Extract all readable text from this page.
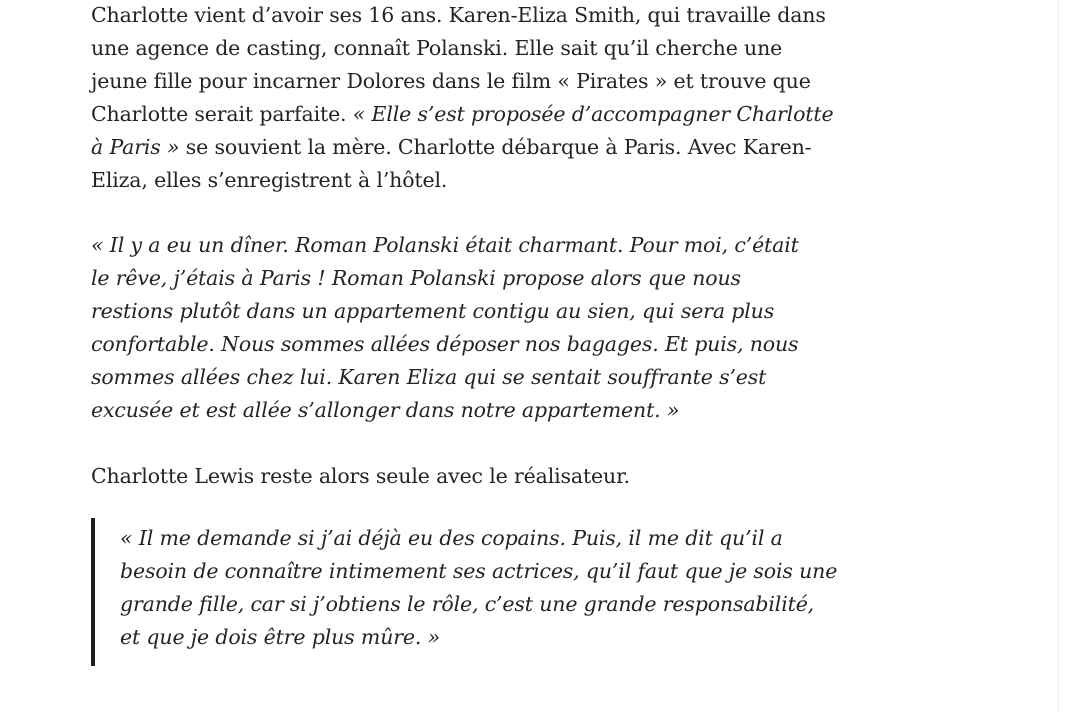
Charlotte vient d’avoir ses 16 ans. Karen-Eliza Smith, qui travaille dans
une agence de casting, connaît Polanski. Elle sait qu’il cherche une
jeune fille pour incarner Dolores dans le film « Pirates » et trouve que
Charlotte serait parfaite. « Elle s’est proposée d’accompagner Charlotte
à Paris » se souvient la mère. Charlotte débarque à Paris. Avec Karen-
Eliza, elles s’enregistrent à l’hôtel.

« Il y a eu un dîner. Roman Polanski était charmant. Pour moi, c’était
le rêve, j’étais à Paris ! Roman Polanski propose alors que nous
restions plutôt dans un appartement contigu au sien, qui sera plus
confortable. Nous sommes allées déposer nos bagages. Et puis, nous
sommes allées chez lui. Karen Eliza qui se sentait souffrante s’est
excusée et est allée s’allonger dans notre appartement. »

Charlotte Lewis reste alors seule avec le réalisateur.

« Il me demande si j’ai déjà eu des copains. Puis, il me dit qu’il a
besoin de connaître intimement ses actrices, qu’il faut que je sois une
grande fille, car si j’obtiens le rôle, c’est une grande responsabilité,
et que je dois être plus mûre. »
